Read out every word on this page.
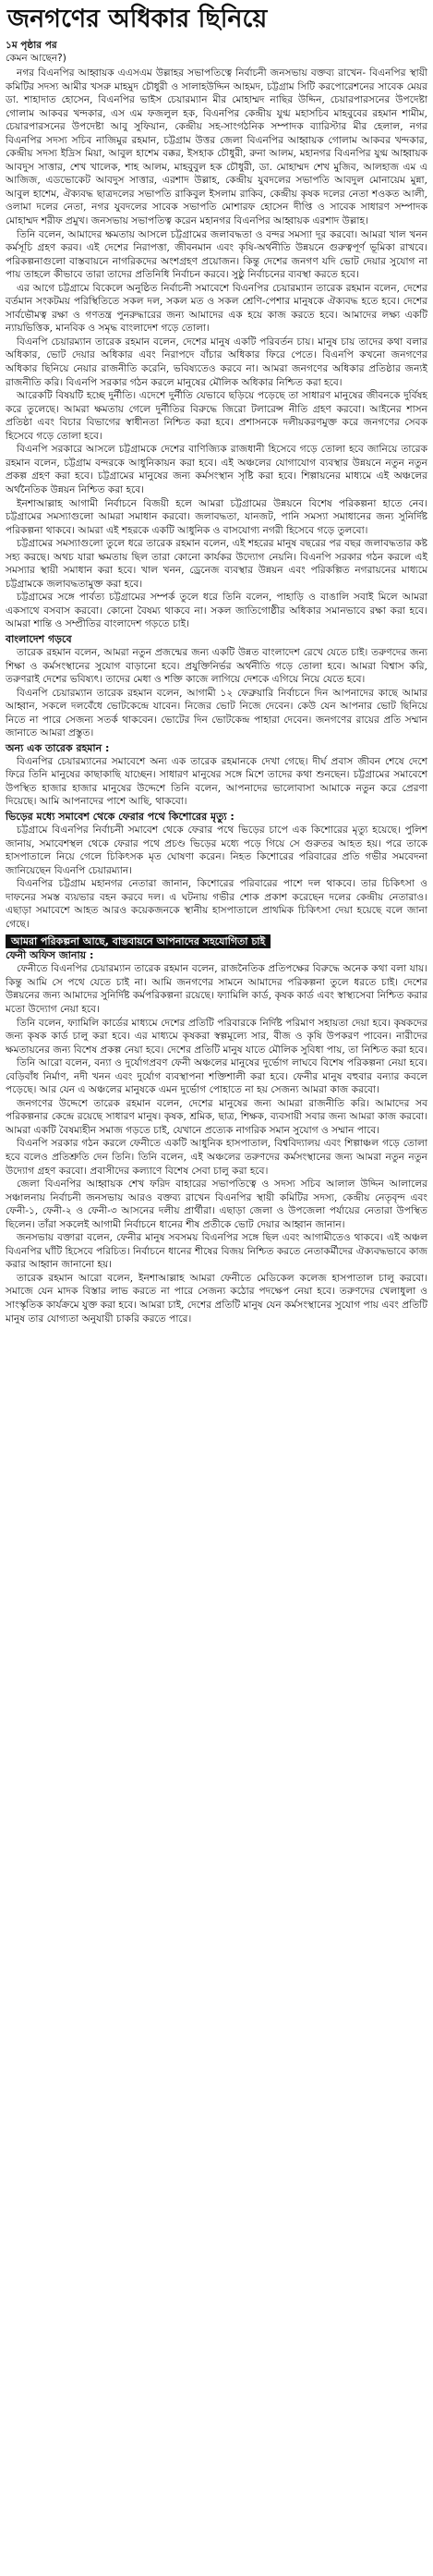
জনগণের অধিকার ছিনিয়ে

১ম পৃষ্ঠার পর

কেমন আছেন?)

নগর বিএনপির আহ্বায়ক এএসএম উল্লাহর সভাপতিত্বে নির্বাচনী জনসভায় বক্তব্য রাখেন- বিএনপির স্থায়ী কমিটির সদস্য আমীর খসরু মাহমুদ চৌধুরী ও সালাহউদ্দিন আহমদ, চট্টগ্রাম সিটি করপোরেশনের সাবেক মেয়র ডা. শাহাদাত হোসেন, বিএনপির ভাইস চেয়ারম্যান মীর মোহাম্মদ নাছির উদ্দিন, চেয়ারপারসনের উপদেষ্টা গোলাম আকবর খন্দকার, এস এম ফজলুল হক, বিএনপির কেন্দ্রীয় যুগ্ম মহাসচিব মাহবুবের রহমান শামীম, চেয়ারপারসনের উপদেষ্টা আবু সুফিয়ান, কেন্দ্রীয় সহ-সাংগঠনিক সম্পাদক ব্যারিস্টার মীর হেলাল, নগর বিএনপির সদস্য সচিব নাজিমুর রহমান, চট্টগ্রাম উত্তর জেলা বিএনপির আহ্বায়ক গোলাম আকবর খন্দকার, কেন্দ্রীয় সদস্য ইদ্রিস মিয়া, আবুল হাশেম বক্কর, ইসহাক চৌধুরী, রুনা আলম, মহানগর বিএনপির যুগ্ম আহ্বায়ক আবদুস সাত্তার, শেখ খালেক, শাহ আলম, মাহবুবুল হক চৌধুরী, ডা. মোহাম্মদ শেখ মুজিব, আলহাজ এম এ আজিজ, এডভোকেট আবদুস সাত্তার, এরশাদ উল্লাহ, কেন্দ্রীয় যুবদলের সভাপতি আবদুল মোনায়েম মুন্না, আবুল হাশেম, ঐক্যবদ্ধ ছাত্রদলের সভাপতি রাকিবুল ইসলাম রাকিব, কেন্দ্রীয় কৃষক দলের নেতা শওকত আলী, ওলামা দলের নেতা, নগর যুবদলের সাবেক সভাপতি মোশারফ হোসেন দীপ্তি ও সাবেক সাধারণ সম্পাদক মোহাম্মদ শরীফ প্রমুখ। জনসভায় সভাপতিত্ব করেন মহানগর বিএনপির আহ্বায়ক এরশাদ উল্লাহ।

তিনি বলেন, আমাদের ক্ষমতায় আসলে চট্টগ্রামের জলাবদ্ধতা ও বন্দর সমস্যা দূর করবো। আমরা খাল খনন কর্মসূচি গ্রহণ করব। এই দেশের নিরাপত্তা, জীবনমান এবং কৃষি-অর্থনীতি উন্নয়নে গুরুত্বপূর্ণ ভূমিকা রাখবে। পরিকল্পনাগুলো বাস্তবায়নে নাগরিকদের অংশগ্রহণ প্রয়োজন। কিন্তু দেশের জনগণ যদি ভোট দেয়ার সুযোগ না পায় তাহলে কীভাবে তারা তাদের প্রতিনিধি নির্বাচন করবে। সুষ্ঠু নির্বাচনের ব্যবস্থা করতে হবে।

এর আগে চট্টগ্রামে বিকেলে অনুষ্ঠিত নির্বাচনী সমাবেশে বিএনপির চেয়ারম্যান তারেক রহমান বলেন, দেশের বর্তমান সংকটময় পরিস্থিতিতে সকল দল, সকল মত ও সকল শ্রেণি-পেশার মানুষকে ঐক্যবদ্ধ হতে হবে। দেশের সার্বভৌমত্ব রক্ষা ও গণতন্ত্র পুনরুদ্ধারের জন্য আমাদের এক হয়ে কাজ করতে হবে। আমাদের লক্ষ্য একটি ন্যায়ভিত্তিক, মানবিক ও সমৃদ্ধ বাংলাদেশ গড়ে তোলা।

বিএনপি চেয়ারম্যান তারেক রহমান বলেন, দেশের মানুষ একটি পরিবর্তন চায়। মানুষ চায় তাদের কথা বলার অধিকার, ভোট দেয়ার অধিকার এবং নিরাপদে বাঁচার অধিকার ফিরে পেতে। বিএনপি কখনো জনগণের অধিকার ছিনিয়ে নেয়ার রাজনীতি করেনি, ভবিষ্যতেও করবে না। আমরা জনগণের অধিকার প্রতিষ্ঠার জন্যই রাজনীতি করি। বিএনপি সরকার গঠন করলে মানুষের মৌলিক অধিকার নিশ্চিত করা হবে।

আরেকটি বিষয়টি হচ্ছে দুর্নীতি। এদেশে দুর্নীতি যেভাবে ছড়িয়ে পড়েছে তা সাধারণ মানুষের জীবনকে দুর্বিষহ করে তুলেছে। আমরা ক্ষমতায় গেলে দুর্নীতির বিরুদ্ধে জিরো টলারেন্স নীতি গ্রহণ করবো। আইনের শাসন প্রতিষ্ঠা এবং বিচার বিভাগের স্বাধীনতা নিশ্চিত করা হবে। প্রশাসনকে দলীয়করণমুক্ত করে জনগণের সেবক হিসেবে গড়ে তোলা হবে।

বিএনপি সরকারে আসলে চট্টগ্রামকে দেশের বাণিজ্যিক রাজধানী হিসেবে গড়ে তোলা হবে জানিয়ে তারেক রহমান বলেন, চট্টগ্রাম বন্দরকে আধুনিকায়ন করা হবে। এই অঞ্চলের যোগাযোগ ব্যবস্থার উন্নয়নে নতুন নতুন প্রকল্প গ্রহণ করা হবে। চট্টগ্রামের মানুষের জন্য কর্মসংস্থান সৃষ্টি করা হবে। শিল্পায়নের মাধ্যমে এই অঞ্চলের অর্থনৈতিক উন্নয়ন নিশ্চিত করা হবে।

ইনশাআল্লাহ আগামী নির্বাচনে বিজয়ী হলে আমরা চট্টগ্রামের উন্নয়নে বিশেষ পরিকল্পনা হাতে নেব। চট্টগ্রামের সমস্যাগুলো আমরা সমাধান করবো। জলাবদ্ধতা, যানজট, পানি সমস্যা সমাধানের জন্য সুনির্দিষ্ট পরিকল্পনা থাকবে। আমরা এই শহরকে একটি আধুনিক ও বাসযোগ্য নগরী হিসেবে গড়ে তুলবো।

চট্টগ্রামের সমস্যাগুলো তুলে ধরে তারেক রহমান বলেন, এই শহরের মানুষ বছরের পর বছর জলাবদ্ধতার কষ্ট সহ্য করছে। অথচ যারা ক্ষমতায় ছিল তারা কোনো কার্যকর উদ্যোগ নেয়নি। বিএনপি সরকার গঠন করলে এই সমস্যার স্থায়ী সমাধান করা হবে। খাল খনন, ড্রেনেজ ব্যবস্থার উন্নয়ন এবং পরিকল্পিত নগরায়নের মাধ্যমে চট্টগ্রামকে জলাবদ্ধতামুক্ত করা হবে।

চট্টগ্রামের সঙ্গে পার্বত্য চট্টগ্রামের সম্পর্ক তুলে ধরে তিনি বলেন, পাহাড়ি ও বাঙালি সবাই মিলে আমরা একসাথে বসবাস করবো। কোনো বৈষম্য থাকবে না। সকল জাতিগোষ্ঠীর অধিকার সমানভাবে রক্ষা করা হবে। আমরা শান্তি ও সম্প্রীতির বাংলাদেশ গড়তে চাই।

বাংলাদেশ গড়বে

তারেক রহমান বলেন, আমরা নতুন প্রজন্মের জন্য একটি উন্নত বাংলাদেশ রেখে যেতে চাই। তরুণদের জন্য শিক্ষা ও কর্মসংস্থানের সুযোগ বাড়ানো হবে। প্রযুক্তিনির্ভর অর্থনীতি গড়ে তোলা হবে। আমরা বিশ্বাস করি, তরুণরাই দেশের ভবিষ্যৎ। তাদের মেধা ও শক্তি কাজে লাগিয়ে দেশকে এগিয়ে নিয়ে যেতে হবে।

বিএনপি চেয়ারম্যান তারেক রহমান বলেন, আগামী ১২ ফেব্রুয়ারি নির্বাচনে দিন আপনাদের কাছে আমার আহ্বান, সকলে দলবেঁধে ভোটকেন্দ্রে যাবেন। নিজের ভোট নিজে দেবেন। কেউ যেন আপনার ভোট ছিনিয়ে নিতে না পারে সেজন্য সতর্ক থাকবেন। ভোটের দিন ভোটকেন্দ্র পাহারা দেবেন। জনগণের রায়ের প্রতি সম্মান জানাতে আমরা প্রস্তুত।

অন্য এক তারেক রহমান :

বিএনপির চেয়ারম্যানের সমাবেশে অন্য এক তারেক রহমানকে দেখা গেছে। দীর্ঘ প্রবাস জীবন শেষে দেশে ফিরে তিনি মানুষের কাছাকাছি যাচ্ছেন। সাধারণ মানুষের সঙ্গে মিশে তাদের কথা শুনছেন। চট্টগ্রামের সমাবেশে উপস্থিত হাজার হাজার মানুষের উদ্দেশে তিনি বলেন, আপনাদের ভালোবাসা আমাকে নতুন করে প্রেরণা দিয়েছে। আমি আপনাদের পাশে আছি, থাকবো।

ভিড়ের মধ্যে সমাবেশ থেকে ফেরার পথে কিশোরের মৃত্যু :

চট্টগ্রামে বিএনপির নির্বাচনী সমাবেশ থেকে ফেরার পথে ভিড়ের চাপে এক কিশোরের মৃত্যু হয়েছে। পুলিশ জানায়, সমাবেশস্থল থেকে ফেরার পথে প্রচণ্ড ভিড়ের মধ্যে পড়ে গিয়ে সে গুরুতর আহত হয়। পরে তাকে হাসপাতালে নিয়ে গেলে চিকিৎসক মৃত ঘোষণা করেন। নিহত কিশোরের পরিবারের প্রতি গভীর সমবেদনা জানিয়েছেন বিএনপি চেয়ারম্যান।

বিএনপির চট্টগ্রাম মহানগর নেতারা জানান, কিশোরের পরিবারের পাশে দল থাকবে। তার চিকিৎসা ও দাফনের সমস্ত ব্যয়ভার বহন করবে দল। এ ঘটনায় গভীর শোক প্রকাশ করেছেন দলের কেন্দ্রীয় নেতারাও। এছাড়া সমাবেশে আহত আরও কয়েকজনকে স্থানীয় হাসপাতালে প্রাথমিক চিকিৎসা দেয়া হয়েছে বলে জানা গেছে।

আমরা পরিকল্পনা আছে, বাস্তবায়নে আপনাদের সহযোগিতা চাই

ফেনী অফিস জানায় :

ফেনীতে বিএনপির চেয়ারম্যান তারেক রহমান বলেন, রাজনৈতিক প্রতিপক্ষের বিরুদ্ধে অনেক কথা বলা যায়। কিন্তু আমি সে পথে যেতে চাই না। আমি জনগণের সামনে আমাদের পরিকল্পনা তুলে ধরতে চাই। দেশের উন্নয়নের জন্য আমাদের সুনির্দিষ্ট কর্মপরিকল্পনা রয়েছে। ফ্যামিলি কার্ড, কৃষক কার্ড এবং স্বাস্থ্যসেবা নিশ্চিত করার মতো উদ্যোগ নেয়া হবে।

তিনি বলেন, ফ্যামিলি কার্ডের মাধ্যমে দেশের প্রতিটি পরিবারকে নির্দিষ্ট পরিমাণ সহায়তা দেয়া হবে। কৃষকদের জন্য কৃষক কার্ড চালু করা হবে। এর মাধ্যমে কৃষকরা স্বল্পমূল্যে সার, বীজ ও কৃষি উপকরণ পাবেন। নারীদের ক্ষমতায়নের জন্য বিশেষ প্রকল্প নেয়া হবে। দেশের প্রতিটি মানুষ যাতে মৌলিক সুবিধা পায়, তা নিশ্চিত করা হবে।

তিনি আরো বলেন, বন্যা ও দুর্যোগপ্রবণ ফেনী অঞ্চলের মানুষের দুর্ভোগ লাঘবে বিশেষ পরিকল্পনা নেয়া হবে। বেড়িবাঁধ নির্মাণ, নদী খনন এবং দুর্যোগ ব্যবস্থাপনা শক্তিশালী করা হবে। ফেনীর মানুষ বহুবার বন্যার কবলে পড়েছে। আর যেন এ অঞ্চলের মানুষকে এমন দুর্ভোগ পোহাতে না হয় সেজন্য আমরা কাজ করবো।

জনগণের উদ্দেশে তারেক রহমান বলেন, দেশের মানুষের জন্য আমরা রাজনীতি করি। আমাদের সব পরিকল্পনার কেন্দ্রে রয়েছে সাধারণ মানুষ। কৃষক, শ্রমিক, ছাত্র, শিক্ষক, ব্যবসায়ী সবার জন্য আমরা কাজ করবো। আমরা একটি বৈষম্যহীন সমাজ গড়তে চাই, যেখানে প্রত্যেক নাগরিক সমান সুযোগ ও সম্মান পাবে।

বিএনপি সরকার গঠন করলে ফেনীতে একটি আধুনিক হাসপাতাল, বিশ্ববিদ্যালয় এবং শিল্পাঞ্চল গড়ে তোলা হবে বলেও প্রতিশ্রুতি দেন তিনি। তিনি বলেন, এই অঞ্চলের তরুণদের কর্মসংস্থানের জন্য আমরা নতুন নতুন উদ্যোগ গ্রহণ করবো। প্রবাসীদের কল্যাণে বিশেষ সেবা চালু করা হবে।

জেলা বিএনপির আহ্বায়ক শেখ ফরিদ বাহারের সভাপতিত্বে ও সদস্য সচিব আলাল উদ্দিন আলালের সঞ্চালনায় নির্বাচনী জনসভায় আরও বক্তব্য রাখেন বিএনপির স্থায়ী কমিটির সদস্য, কেন্দ্রীয় নেতৃবৃন্দ এবং ফেনী-১, ফেনী-২ ও ফেনী-৩ আসনের দলীয় প্রার্থীরা। এছাড়া জেলা ও উপজেলা পর্যায়ের নেতারা উপস্থিত ছিলেন। তাঁরা সকলেই আগামী নির্বাচনে ধানের শীষ প্রতীকে ভোট দেয়ার আহ্বান জানান।

জনসভায় বক্তারা বলেন, ফেনীর মানুষ সবসময় বিএনপির সঙ্গে ছিল এবং আগামীতেও থাকবে। এই অঞ্চল বিএনপির ঘাঁটি হিসেবে পরিচিত। নির্বাচনে ধানের শীষের বিজয় নিশ্চিত করতে নেতাকর্মীদের ঐক্যবদ্ধভাবে কাজ করার আহ্বান জানানো হয়।

তারেক রহমান আরো বলেন, ইনশাআল্লাহ আমরা ফেনীতে মেডিকেল কলেজ হাসপাতাল চালু করবো। সমাজে যেন মাদক বিস্তার লাভ করতে না পারে সেজন্য কঠোর পদক্ষেপ নেয়া হবে। তরুণদের খেলাধুলা ও সাংস্কৃতিক কার্যক্রমে যুক্ত করা হবে। আমরা চাই, দেশের প্রতিটি মানুষ যেন কর্মসংস্থানের সুযোগ পায় এবং প্রতিটি মানুষ তার যোগ্যতা অনুযায়ী চাকরি করতে পারে।
